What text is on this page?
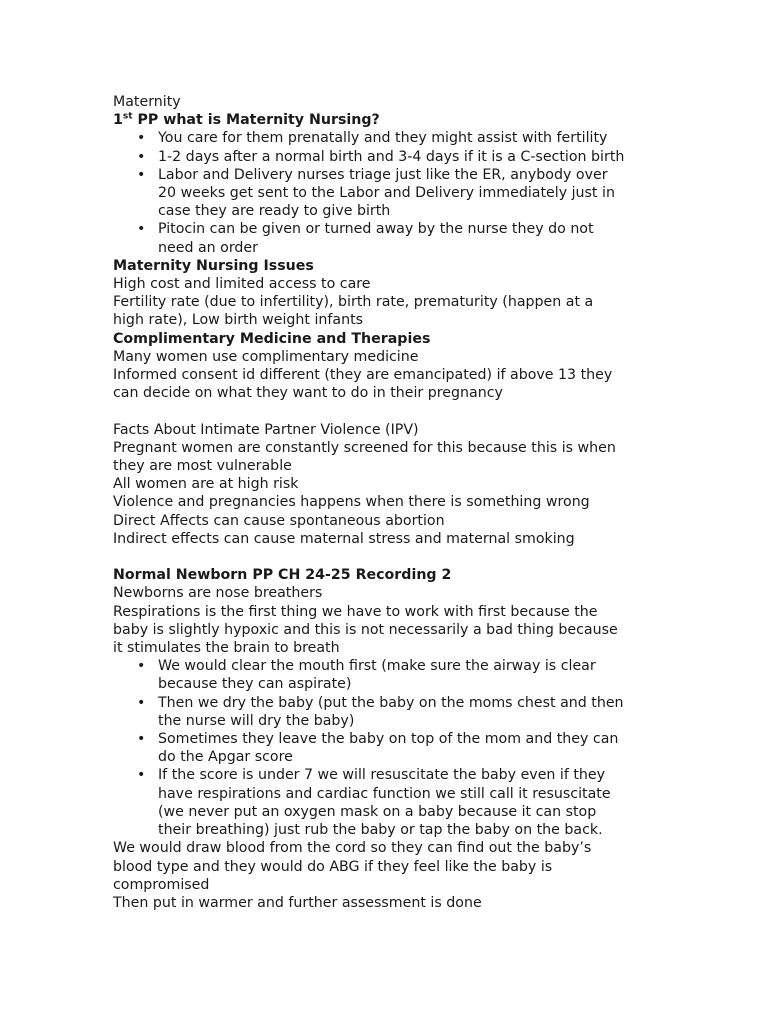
Maternity
1st PP what is Maternity Nursing?
• You care for them prenatally and they might assist with fertility
• 1-2 days after a normal birth and 3-4 days if it is a C-section birth
• Labor and Delivery nurses triage just like the ER, anybody over
20 weeks get sent to the Labor and Delivery immediately just in
case they are ready to give birth
• Pitocin can be given or turned away by the nurse they do not
need an order
Maternity Nursing Issues
High cost and limited access to care
Fertility rate (due to infertility), birth rate, prematurity (happen at a
high rate), Low birth weight infants
Complimentary Medicine and Therapies
Many women use complimentary medicine
Informed consent id different (they are emancipated) if above 13 they
can decide on what they want to do in their pregnancy
Facts About Intimate Partner Violence (IPV)
Pregnant women are constantly screened for this because this is when
they are most vulnerable
All women are at high risk
Violence and pregnancies happens when there is something wrong
Direct Affects can cause spontaneous abortion
Indirect effects can cause maternal stress and maternal smoking
Normal Newborn PP CH 24-25 Recording 2
Newborns are nose breathers
Respirations is the first thing we have to work with first because the
baby is slightly hypoxic and this is not necessarily a bad thing because
it stimulates the brain to breath
• We would clear the mouth first (make sure the airway is clear
because they can aspirate)
• Then we dry the baby (put the baby on the moms chest and then
the nurse will dry the baby)
• Sometimes they leave the baby on top of the mom and they can
do the Apgar score
• If the score is under 7 we will resuscitate the baby even if they
have respirations and cardiac function we still call it resuscitate
(we never put an oxygen mask on a baby because it can stop
their breathing) just rub the baby or tap the baby on the back.
We would draw blood from the cord so they can find out the baby’s
blood type and they would do ABG if they feel like the baby is
compromised
Then put in warmer and further assessment is done
